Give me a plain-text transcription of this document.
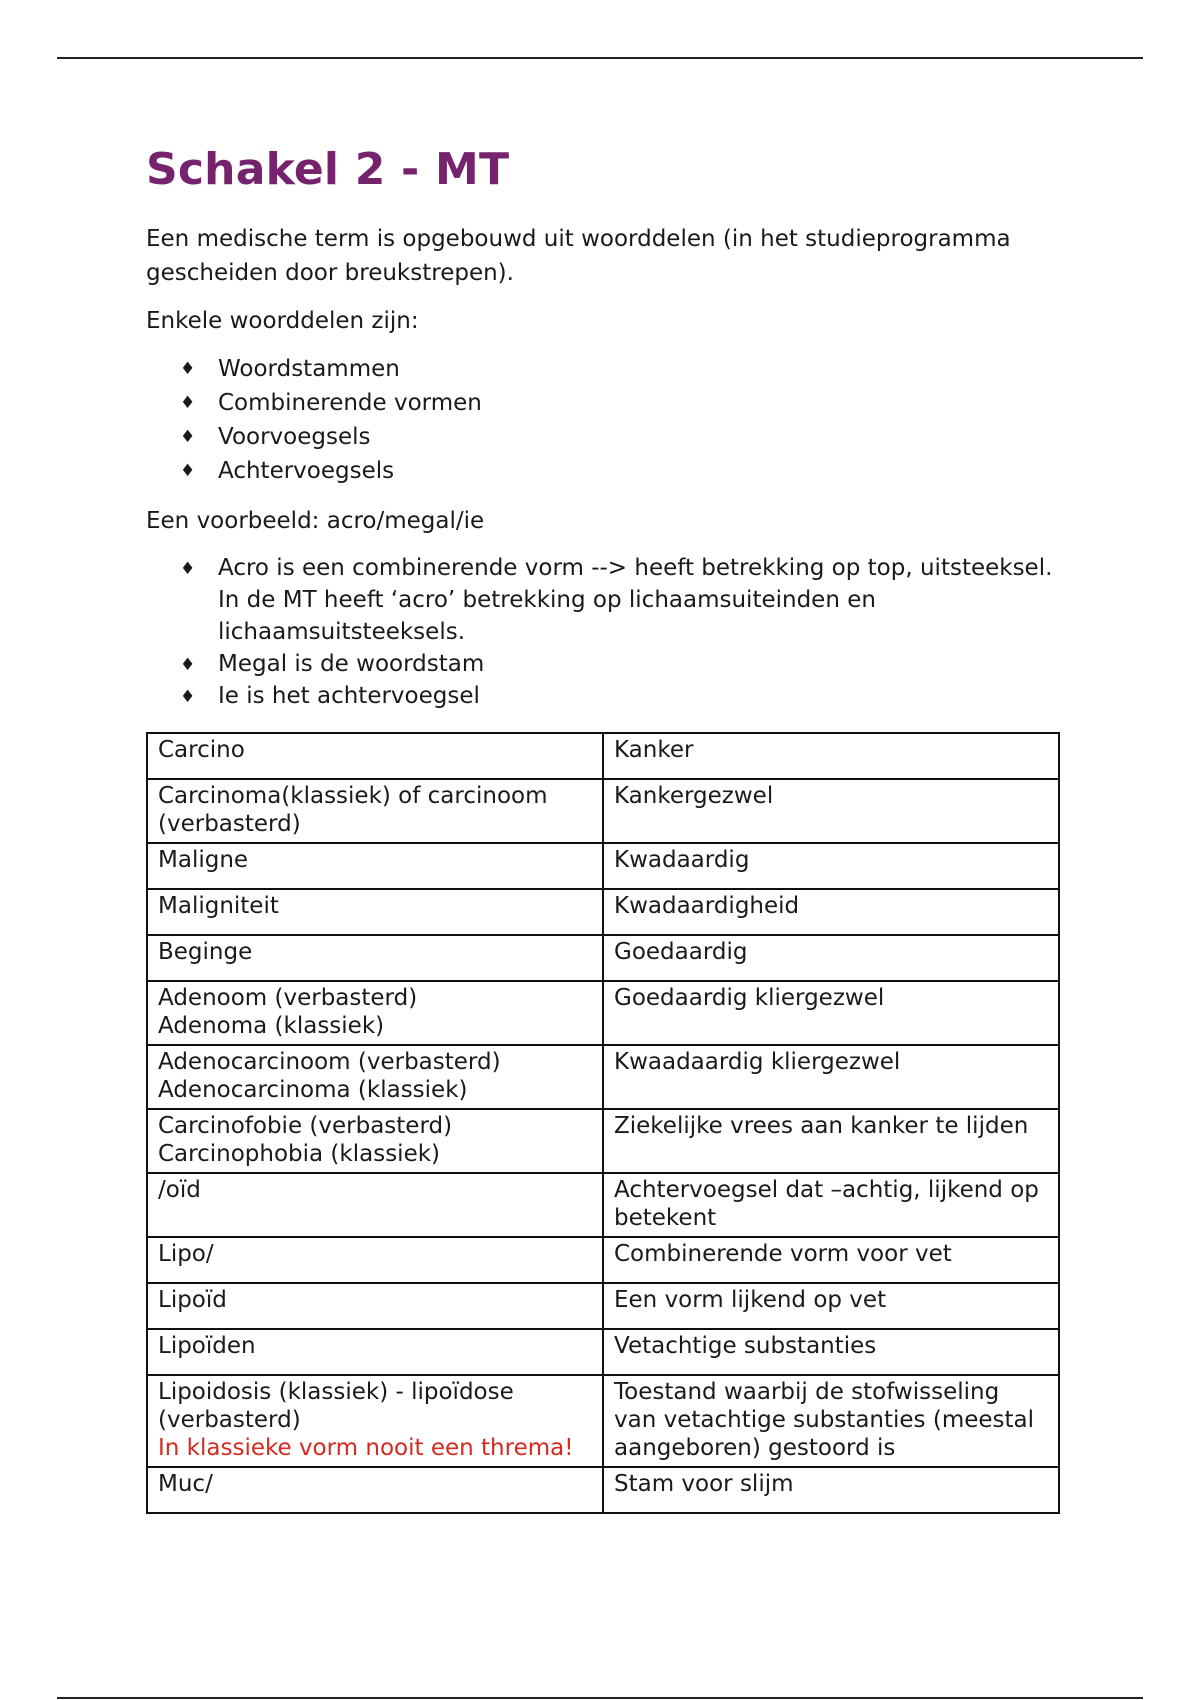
Schakel 2 - MT

Een medische term is opgebouwd uit woorddelen (in het studieprogramma gescheiden door breukstrepen).

Enkele woorddelen zijn:

♦ Woordstammen
♦ Combinerende vormen
♦ Voorvoegsels
♦ Achtervoegsels

Een voorbeeld: acro/megal/ie

♦ Acro is een combinerende vorm --> heeft betrekking op top, uitsteeksel. In de MT heeft ‘acro’ betrekking op lichaamsuiteinden en lichaamsuitsteeksels.
♦ Megal is de woordstam
♦ Ie is het achtervoegsel
Carcino	Kanker
Carcinoma(klassiek) of carcinoom (verbasterd)	Kankergezwel
Maligne	Kwadaardig
Maligniteit	Kwadaardigheid
Beginge	Goedaardig

Adenoom (verbasterd)
Adenoma (klassiek)	Goedaardig kliergezwel

Adenocarcinoom (verbasterd)
Adenocarcinoma (klassiek)	Kwaadaardig kliergezwel

Carcinofobie (verbasterd)
Carcinophobia (klassiek)	Ziekelijke vrees aan kanker te lijden
/oïd	Achtervoegsel dat –achtig, lijkend op betekent
Lipo/	Combinerende vorm voor vet
Lipoïd	Een vorm lijkend op vet
Lipoïden	Vetachtige substanties

Lipoidosis (klassiek) - lipoïdose (verbasterd)
In klassieke vorm nooit een threma!	Toestand waarbij de stofwisseling van vetachtige substanties (meestal aangeboren) gestoord is
Muc/	Stam voor slijm
